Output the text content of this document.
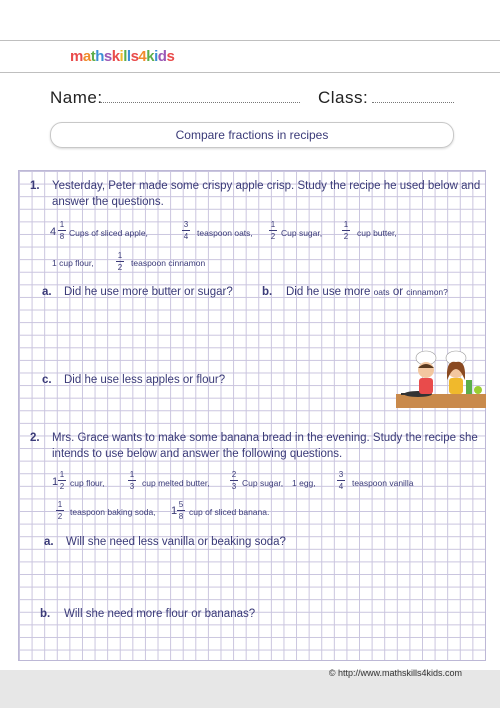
mathskills4kids
Name:	Class:
Compare fractions in recipes
1. Yesterday, Peter made some crispy apple crisp. Study the recipe he used below and
answer the questions.
4
1
8 Cups of sliced apple,
3
4 teaspoon oats,
1
2 Cup sugar,
1
2 cup butter,
1 cup flour,
1
2 teaspoon cinnamon
a. Did he use more butter or sugar?	b. Did he use more oats or cinnamon?
c. Did he use less apples or flour?
2. Mrs. Grace wants to make some banana bread in the evening. Study the recipe she
intends to use below and answer the following questions.
1
1
2 cup flour,
1
3 cup melted butter,
2
3 Cup sugar, 1 egg,
3
4 teaspoon vanilla
1
2 teaspoon baking soda, 1
5
8 cup of sliced banana.
a. Will she need less vanilla or beaking soda?
b. Will she need more flour or bananas?
© http://www.mathskills4kids.com
